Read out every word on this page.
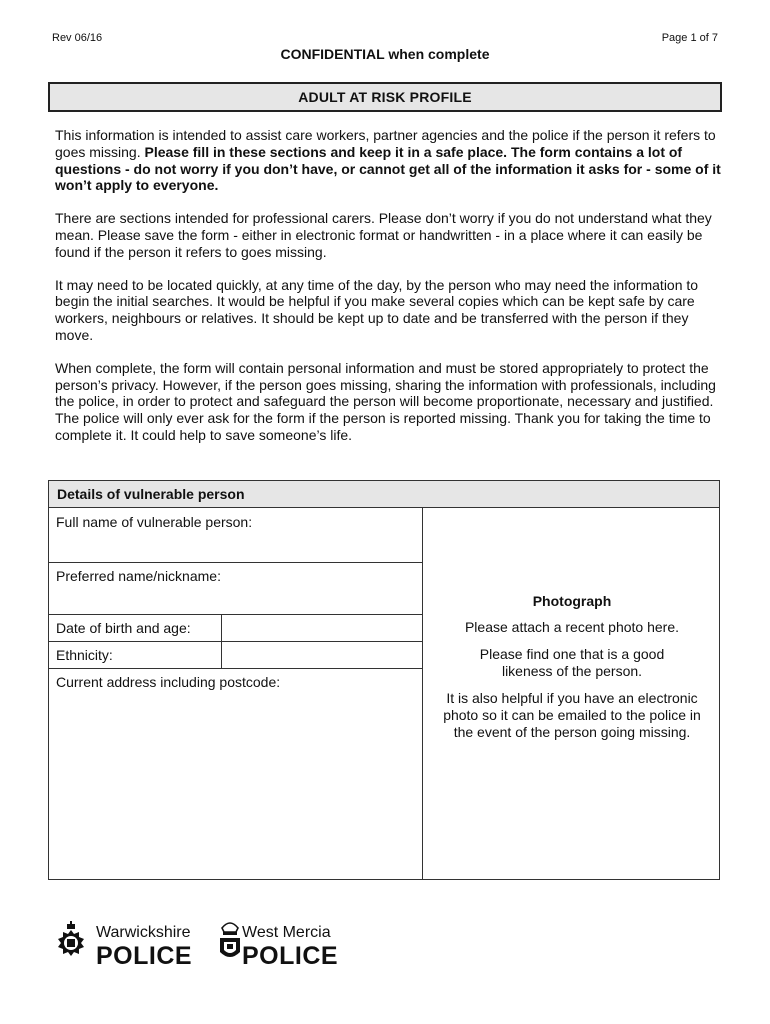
Rev 06/16	Page 1 of 7
CONFIDENTIAL when complete
ADULT AT RISK PROFILE

This information is intended to assist care workers, partner agencies and the police if the person it refers to goes missing. Please fill in these sections and keep it in a safe place. The form contains a lot of questions - do not worry if you don’t have, or cannot get all of the information it asks for - some of it won’t apply to everyone.

There are sections intended for professional carers. Please don’t worry if you do not understand what they mean. Please save the form - either in electronic format or handwritten - in a place where it can easily be found if the person it refers to goes missing.

It may need to be located quickly, at any time of the day, by the person who may need the information to begin the initial searches. It would be helpful if you make several copies which can be kept safe by care workers, neighbours or relatives. It should be kept up to date and be transferred with the person if they move.

When complete, the form will contain personal information and must be stored appropriately to protect the person’s privacy. However, if the person goes missing, sharing the information with professionals, including the police, in order to protect and safeguard the person will become proportionate, necessary and justified. The police will only ever ask for the form if the person is reported missing. Thank you for taking the time to complete it. It could help to save someone’s life.

Details of vulnerable person
Full name of vulnerable person:
Preferred name/nickname:
Date of birth and age:
Ethnicity:
Current address including postcode:
Photograph

Please attach a recent photo here.

Please find one that is a good likeness of the person.

It is also helpful if you have an electronic photo so it can be emailed to the police in the event of the person going missing.

Warwickshire
POLICE
West Mercia
POLICE
